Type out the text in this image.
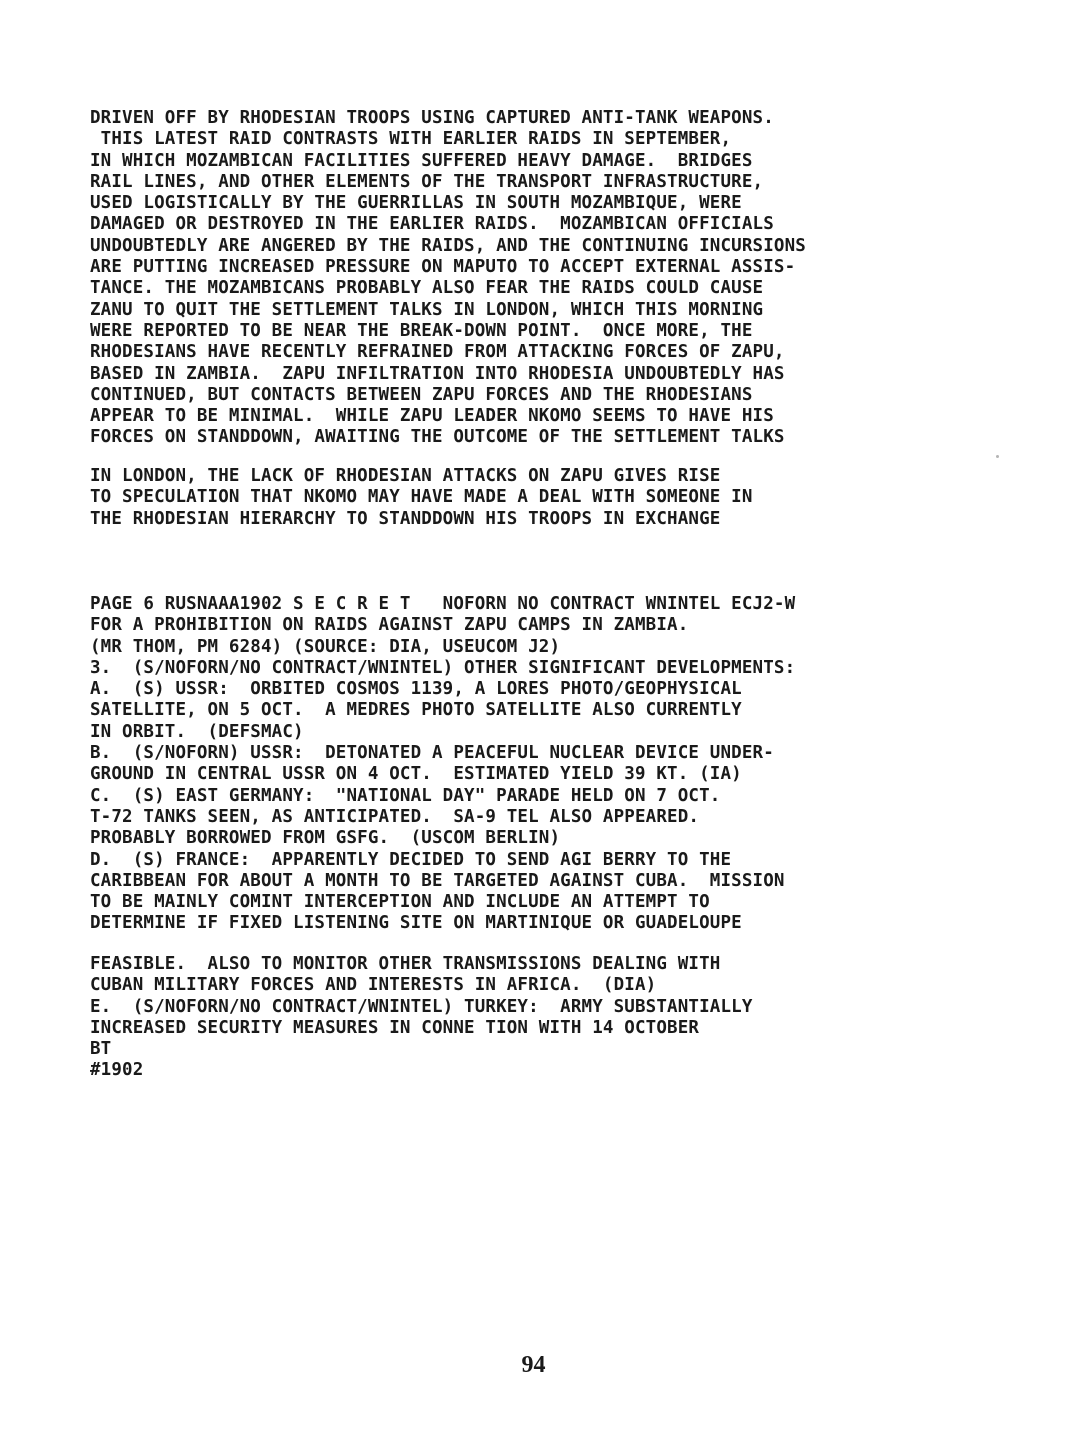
DRIVEN OFF BY RHODESIAN TROOPS USING CAPTURED ANTI-TANK WEAPONS.
THIS LATEST RAID CONTRASTS WITH EARLIER RAIDS IN SEPTEMBER,
IN WHICH MOZAMBICAN FACILITIES SUFFERED HEAVY DAMAGE.  BRIDGES
RAIL LINES, AND OTHER ELEMENTS OF THE TRANSPORT INFRASTRUCTURE,
USED LOGISTICALLY BY THE GUERRILLAS IN SOUTH MOZAMBIQUE, WERE
DAMAGED OR DESTROYED IN THE EARLIER RAIDS.  MOZAMBICAN OFFICIALS
UNDOUBTEDLY ARE ANGERED BY THE RAIDS, AND THE CONTINUING INCURSIONS
ARE PUTTING INCREASED PRESSURE ON MAPUTO TO ACCEPT EXTERNAL ASSIS-
TANCE. THE MOZAMBICANS PROBABLY ALSO FEAR THE RAIDS COULD CAUSE
ZANU TO QUIT THE SETTLEMENT TALKS IN LONDON, WHICH THIS MORNING
WERE REPORTED TO BE NEAR THE BREAK-DOWN POINT.  ONCE MORE, THE
RHODESIANS HAVE RECENTLY REFRAINED FROM ATTACKING FORCES OF ZAPU,
BASED IN ZAMBIA.  ZAPU INFILTRATION INTO RHODESIA UNDOUBTEDLY HAS
CONTINUED, BUT CONTACTS BETWEEN ZAPU FORCES AND THE RHODESIANS
APPEAR TO BE MINIMAL.  WHILE ZAPU LEADER NKOMO SEEMS TO HAVE HIS
FORCES ON STANDDOWN, AWAITING THE OUTCOME OF THE SETTLEMENT TALKS
IN LONDON, THE LACK OF RHODESIAN ATTACKS ON ZAPU GIVES RISE
TO SPECULATION THAT NKOMO MAY HAVE MADE A DEAL WITH SOMEONE IN
THE RHODESIAN HIERARCHY TO STANDDOWN HIS TROOPS IN EXCHANGE
PAGE 6 RUSNAAA1902 S E C R E T   NOFORN NO CONTRACT WNINTEL ECJ2-W
FOR A PROHIBITION ON RAIDS AGAINST ZAPU CAMPS IN ZAMBIA.
(MR THOM, PM 6284) (SOURCE: DIA, USEUCOM J2)
3.  (S/NOFORN/NO CONTRACT/WNINTEL) OTHER SIGNIFICANT DEVELOPMENTS:
A.  (S) USSR:  ORBITED COSMOS 1139, A LORES PHOTO/GEOPHYSICAL
SATELLITE, ON 5 OCT.  A MEDRES PHOTO SATELLITE ALSO CURRENTLY
IN ORBIT.  (DEFSMAC)
B.  (S/NOFORN) USSR:  DETONATED A PEACEFUL NUCLEAR DEVICE UNDER-
GROUND IN CENTRAL USSR ON 4 OCT.  ESTIMATED YIELD 39 KT. (IA)
C.  (S) EAST GERMANY:  "NATIONAL DAY" PARADE HELD ON 7 OCT.
T-72 TANKS SEEN, AS ANTICIPATED.  SA-9 TEL ALSO APPEARED.
PROBABLY BORROWED FROM GSFG.  (USCOM BERLIN)
D.  (S) FRANCE:  APPARENTLY DECIDED TO SEND AGI BERRY TO THE
CARIBBEAN FOR ABOUT A MONTH TO BE TARGETED AGAINST CUBA.  MISSION
TO BE MAINLY COMINT INTERCEPTION AND INCLUDE AN ATTEMPT TO
DETERMINE IF FIXED LISTENING SITE ON MARTINIQUE OR GUADELOUPE
FEASIBLE.  ALSO TO MONITOR OTHER TRANSMISSIONS DEALING WITH
CUBAN MILITARY FORCES AND INTERESTS IN AFRICA.  (DIA)
E.  (S/NOFORN/NO CONTRACT/WNINTEL) TURKEY:  ARMY SUBSTANTIALLY
INCREASED SECURITY MEASURES IN CONNE TION WITH 14 OCTOBER
BT
#1902
94
